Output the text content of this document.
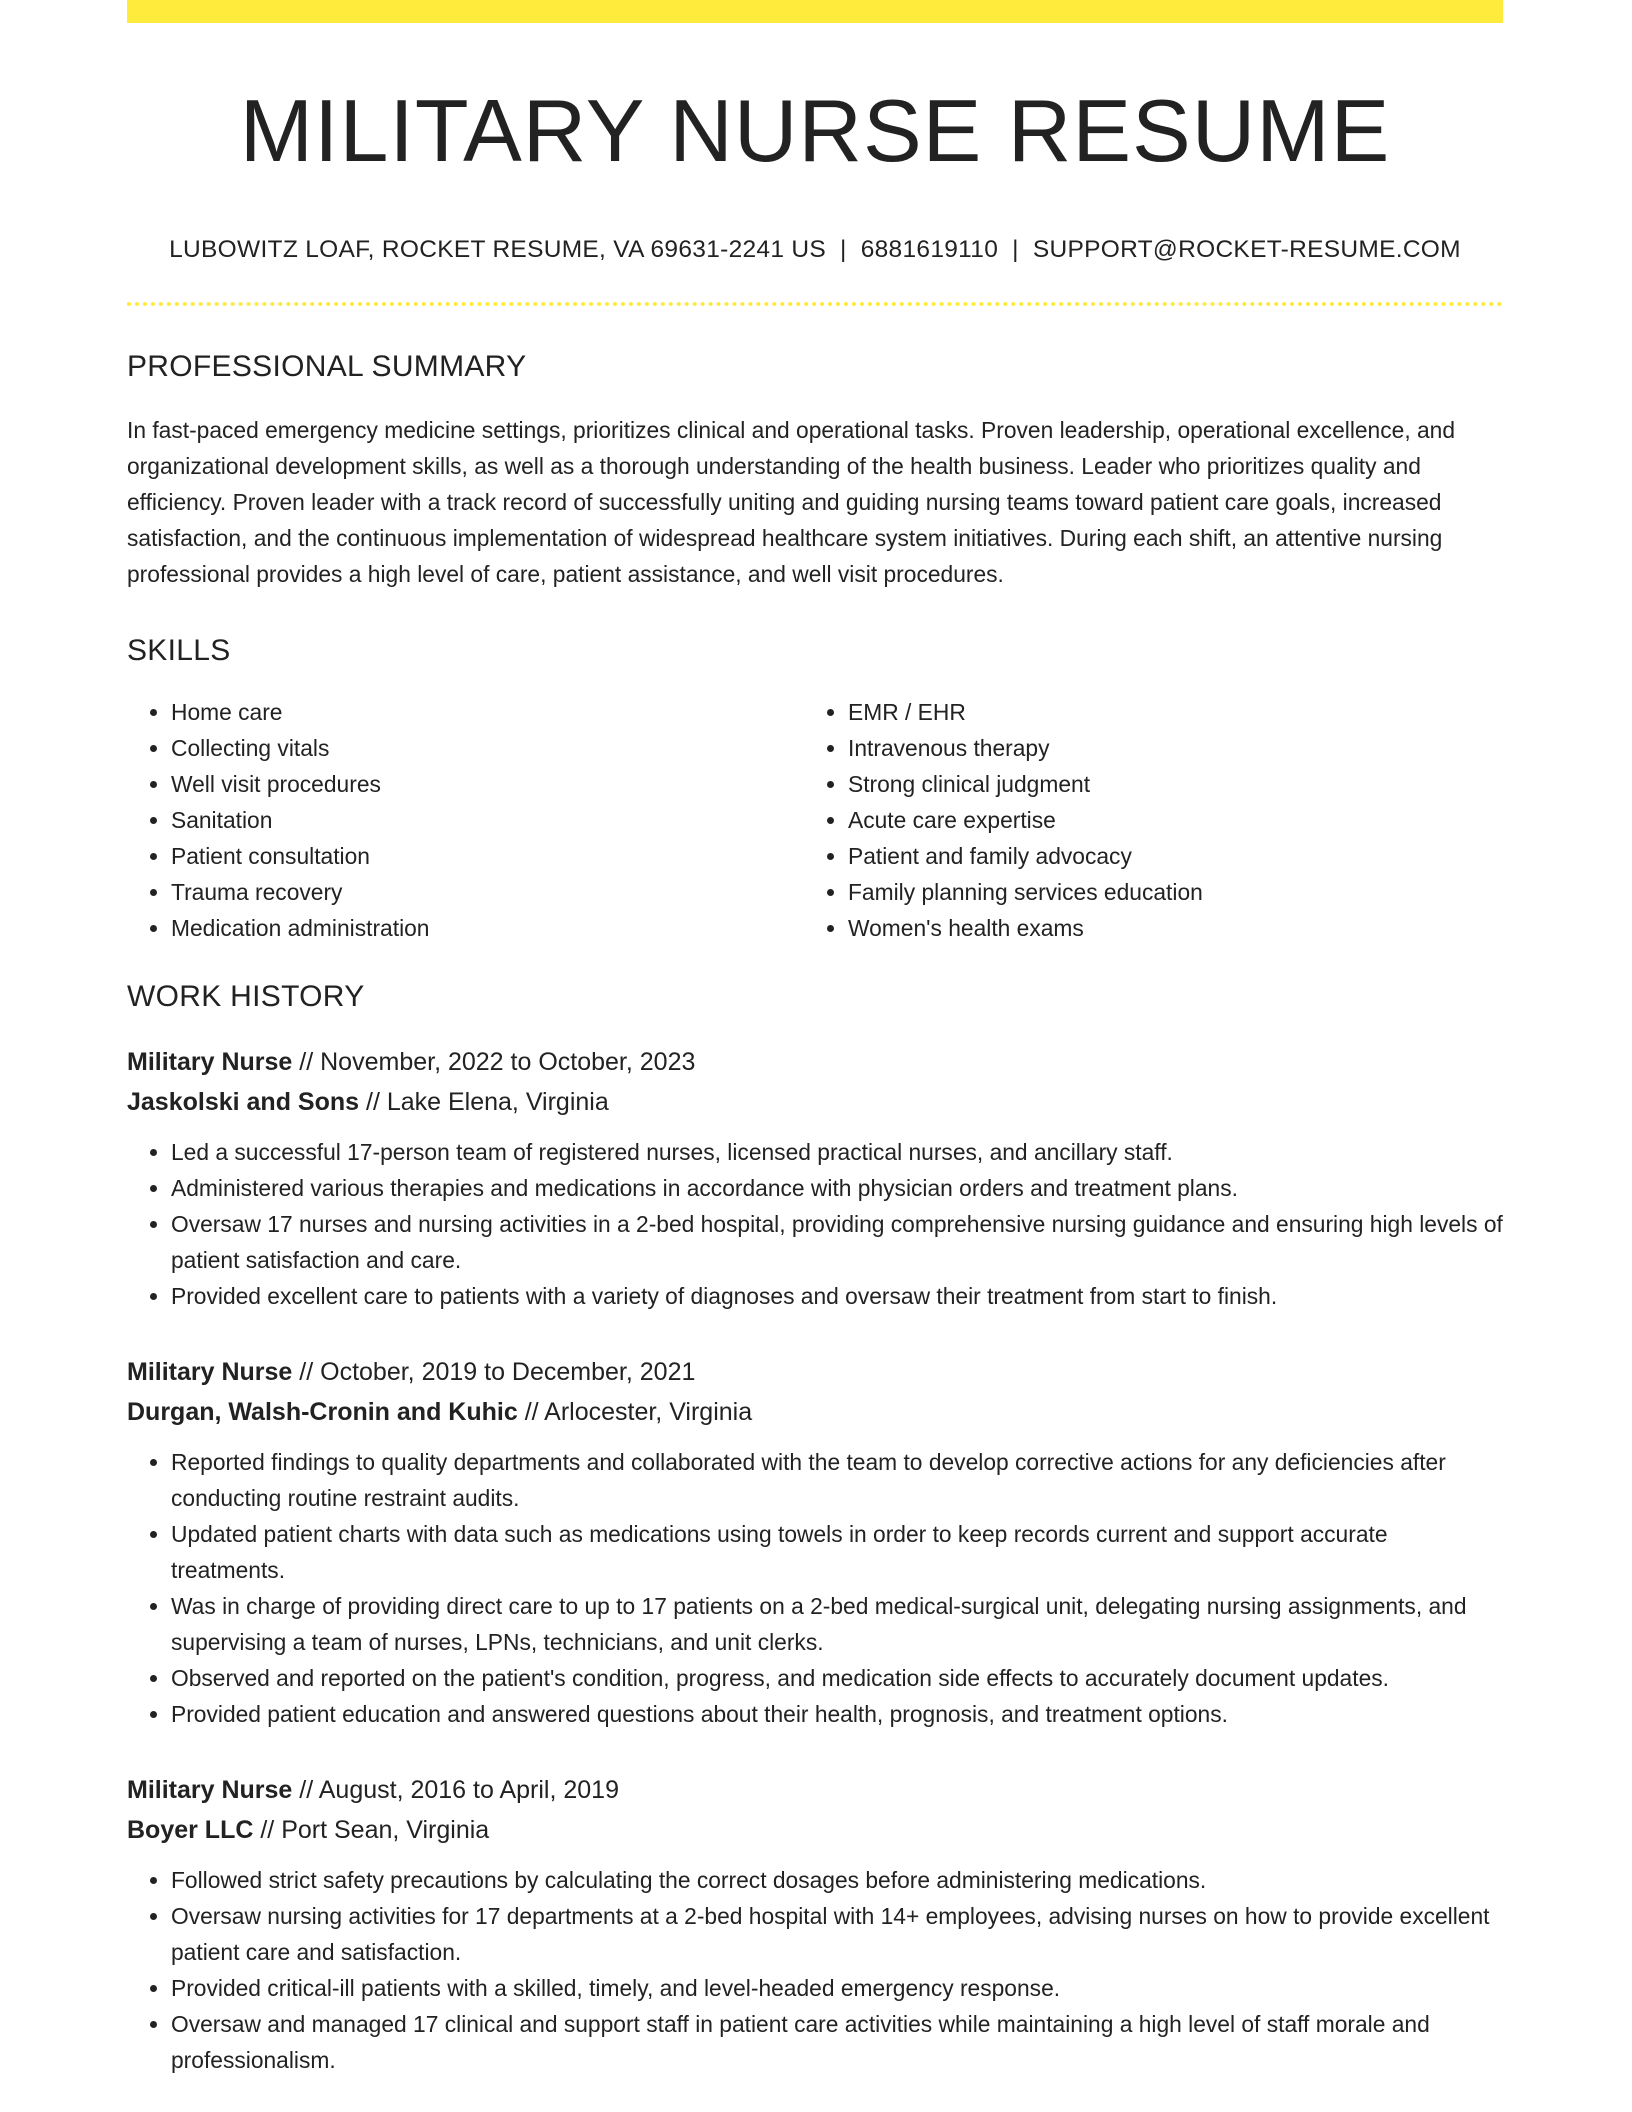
MILITARY NURSE RESUME
LUBOWITZ LOAF, ROCKET RESUME, VA 69631-2241 US | 6881619110 | SUPPORT@ROCKET-RESUME.COM
PROFESSIONAL SUMMARY
In fast-paced emergency medicine settings, prioritizes clinical and operational tasks. Proven leadership, operational excellence, and organizational development skills, as well as a thorough understanding of the health business. Leader who prioritizes quality and efficiency. Proven leader with a track record of successfully uniting and guiding nursing teams toward patient care goals, increased satisfaction, and the continuous implementation of widespread healthcare system initiatives. During each shift, an attentive nursing professional provides a high level of care, patient assistance, and well visit procedures.
SKILLS
• Home care
• Collecting vitals
• Well visit procedures
• Sanitation
• Patient consultation
• Trauma recovery
• Medication administration
• EMR / EHR
• Intravenous therapy
• Strong clinical judgment
• Acute care expertise
• Patient and family advocacy
• Family planning services education
• Women's health exams
WORK HISTORY
Military Nurse // November, 2022 to October, 2023
Jaskolski and Sons // Lake Elena, Virginia
• Led a successful 17-person team of registered nurses, licensed practical nurses, and ancillary staff.
• Administered various therapies and medications in accordance with physician orders and treatment plans.
• Oversaw 17 nurses and nursing activities in a 2-bed hospital, providing comprehensive nursing guidance and ensuring high levels of patient satisfaction and care.
• Provided excellent care to patients with a variety of diagnoses and oversaw their treatment from start to finish.
Military Nurse // October, 2019 to December, 2021
Durgan, Walsh-Cronin and Kuhic // Arlocester, Virginia
• Reported findings to quality departments and collaborated with the team to develop corrective actions for any deficiencies after conducting routine restraint audits.
• Updated patient charts with data such as medications using towels in order to keep records current and support accurate treatments.
• Was in charge of providing direct care to up to 17 patients on a 2-bed medical-surgical unit, delegating nursing assignments, and supervising a team of nurses, LPNs, technicians, and unit clerks.
• Observed and reported on the patient's condition, progress, and medication side effects to accurately document updates.
• Provided patient education and answered questions about their health, prognosis, and treatment options.
Military Nurse // August, 2016 to April, 2019
Boyer LLC // Port Sean, Virginia
• Followed strict safety precautions by calculating the correct dosages before administering medications.
• Oversaw nursing activities for 17 departments at a 2-bed hospital with 14+ employees, advising nurses on how to provide excellent patient care and satisfaction.
• Provided critical-ill patients with a skilled, timely, and level-headed emergency response.
• Oversaw and managed 17 clinical and support staff in patient care activities while maintaining a high level of staff morale and professionalism.
